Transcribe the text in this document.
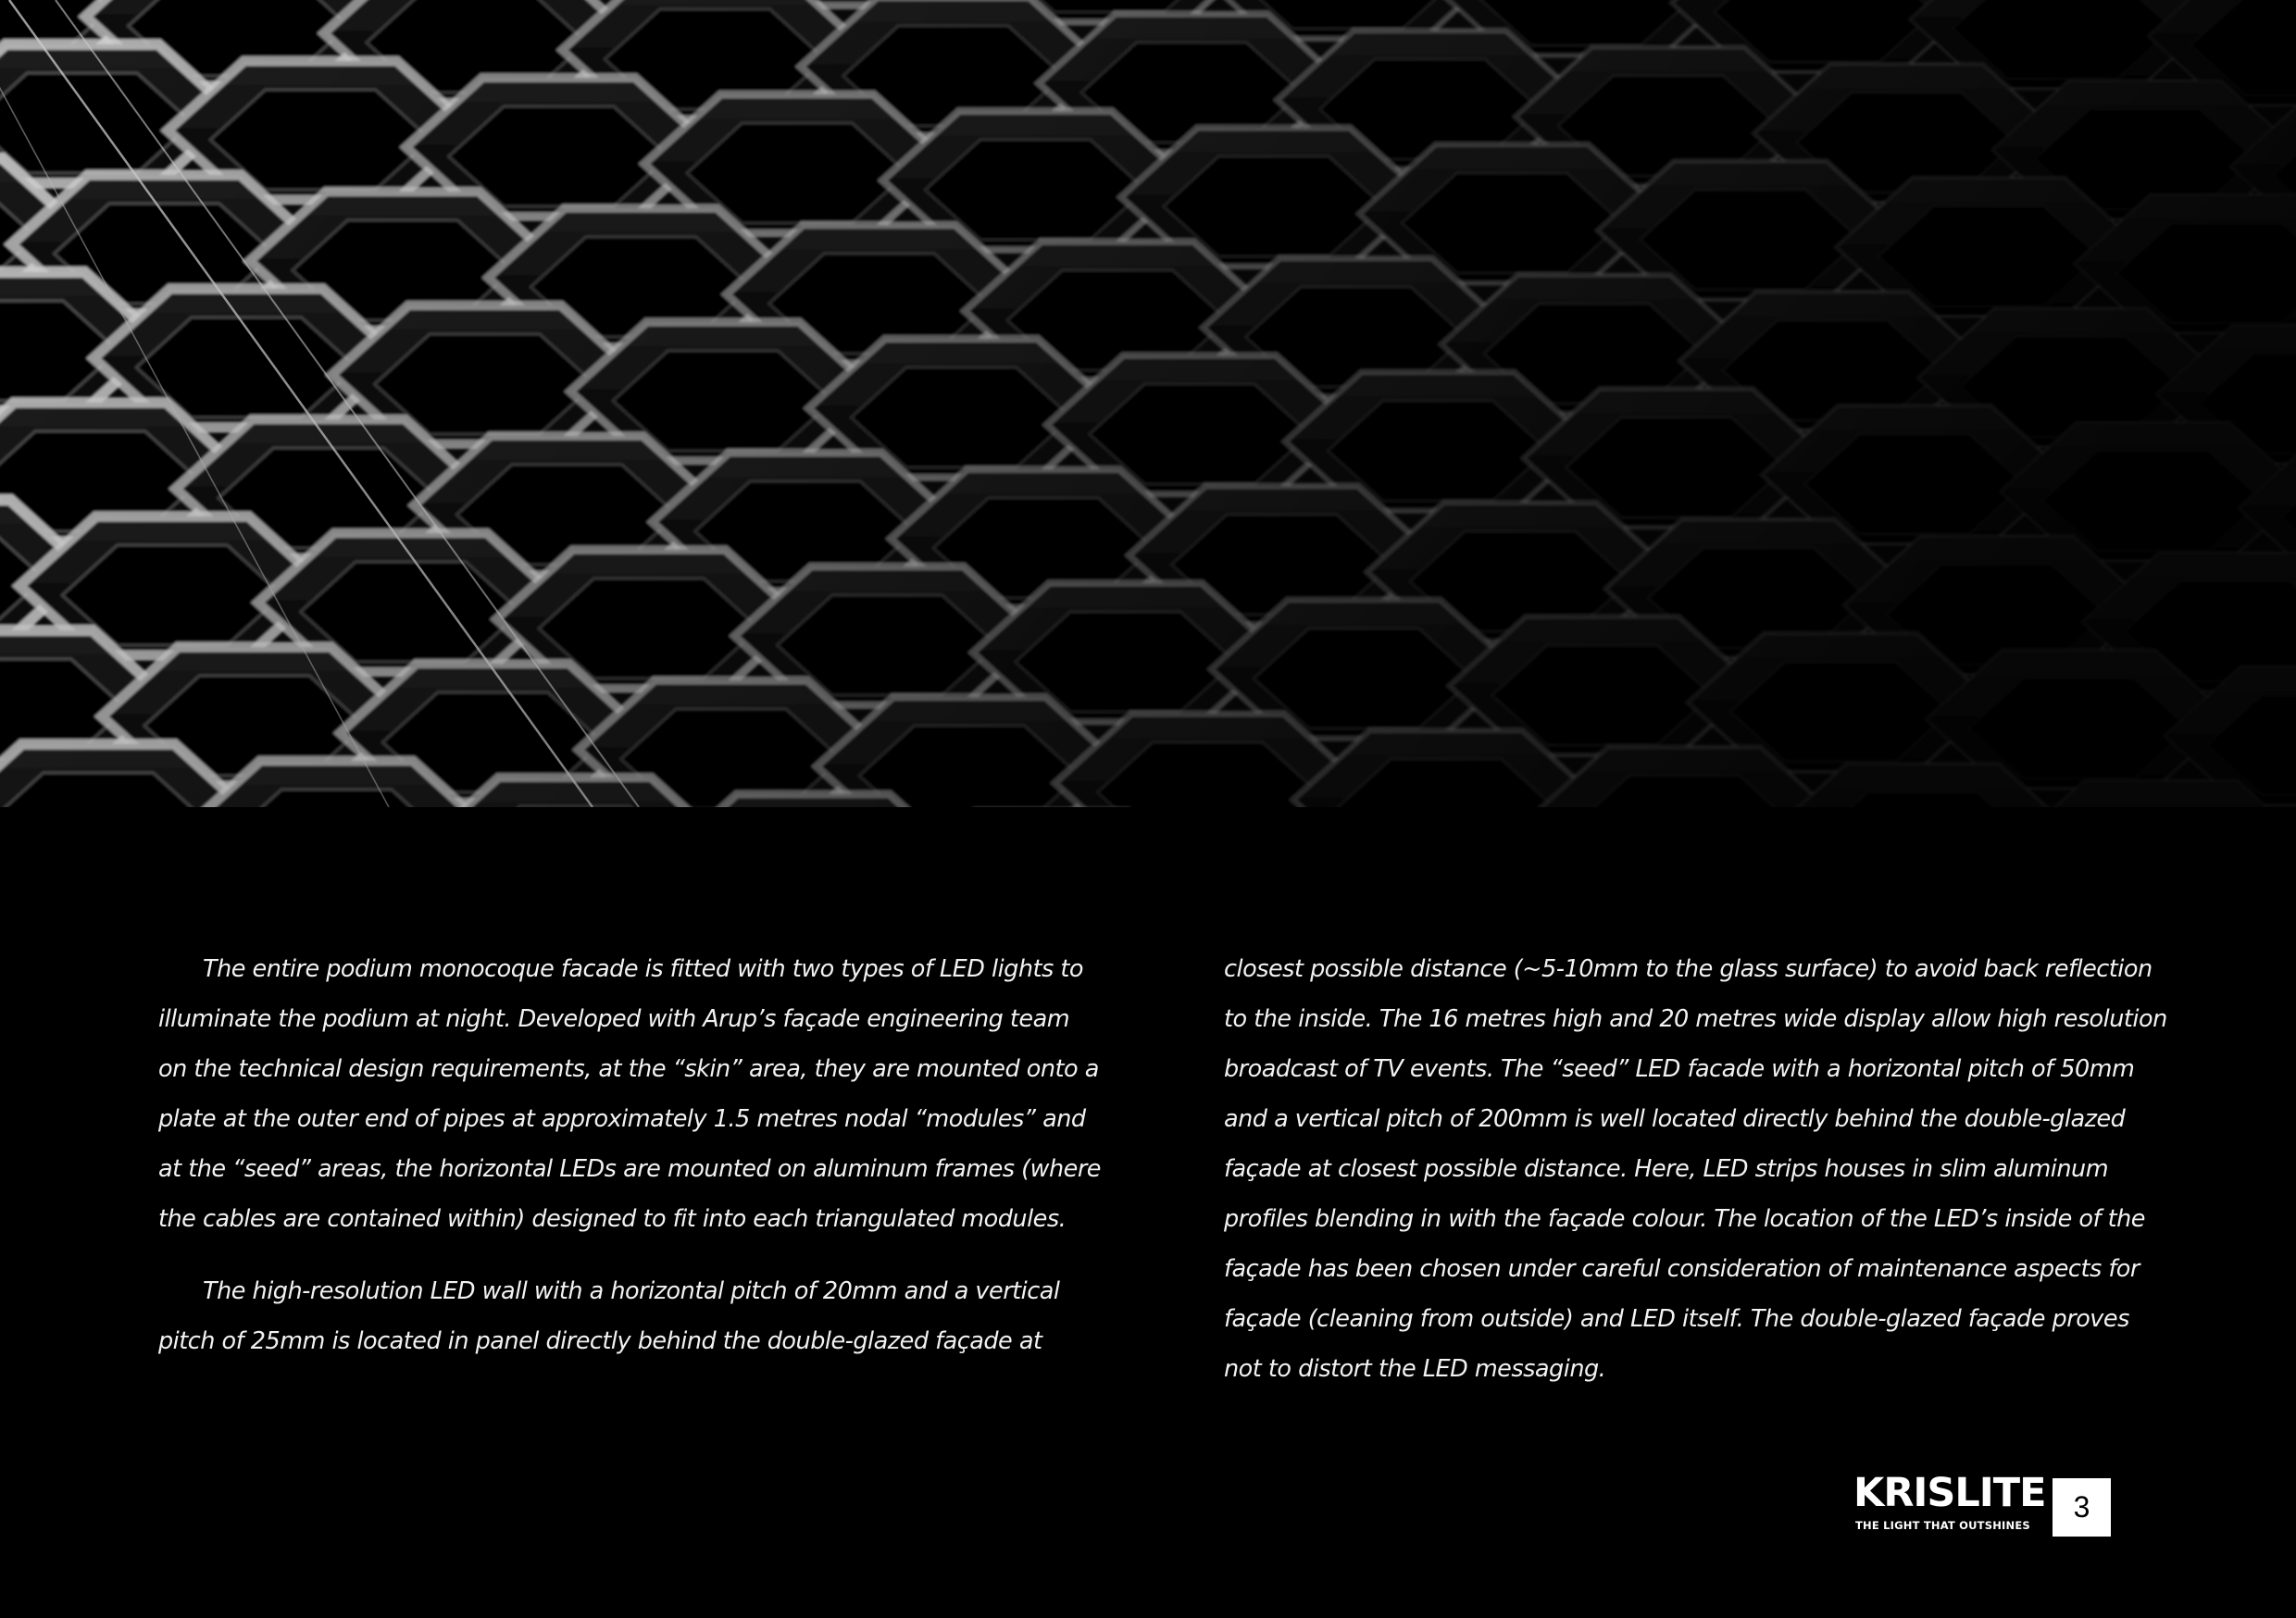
The entire podium monocoque facade is fitted with two types of LED lights to illuminate the podium at night. Developed with Arup’s façade engineering team on the technical design requirements, at the “skin” area, they are mounted onto a plate at the outer end of pipes at approximately 1.5 metres nodal “modules” and at the “seed” areas, the horizontal LEDs are mounted on aluminum frames (where the cables are contained within) designed to fit into each triangulated modules.

The high-resolution LED wall with a horizontal pitch of 20mm and a vertical pitch of 25mm is located in panel directly behind the double-glazed façade at

closest possible distance (~5-10mm to the glass surface) to avoid back reflection to the inside. The 16 metres high and 20 metres wide display allow high resolution broadcast of TV events. The “seed” LED facade with a horizontal pitch of 50mm and a vertical pitch of 200mm is well located directly behind the double-glazed façade at closest possible distance. Here, LED strips houses in slim aluminum profiles blending in with the façade colour. The location of the LED’s inside of the façade has been chosen under careful consideration of maintenance aspects for façade (cleaning from outside) and LED itself. The double-glazed façade proves not to distort the LED messaging.

KRISLITE
THE LIGHT THAT OUTSHINES
3
